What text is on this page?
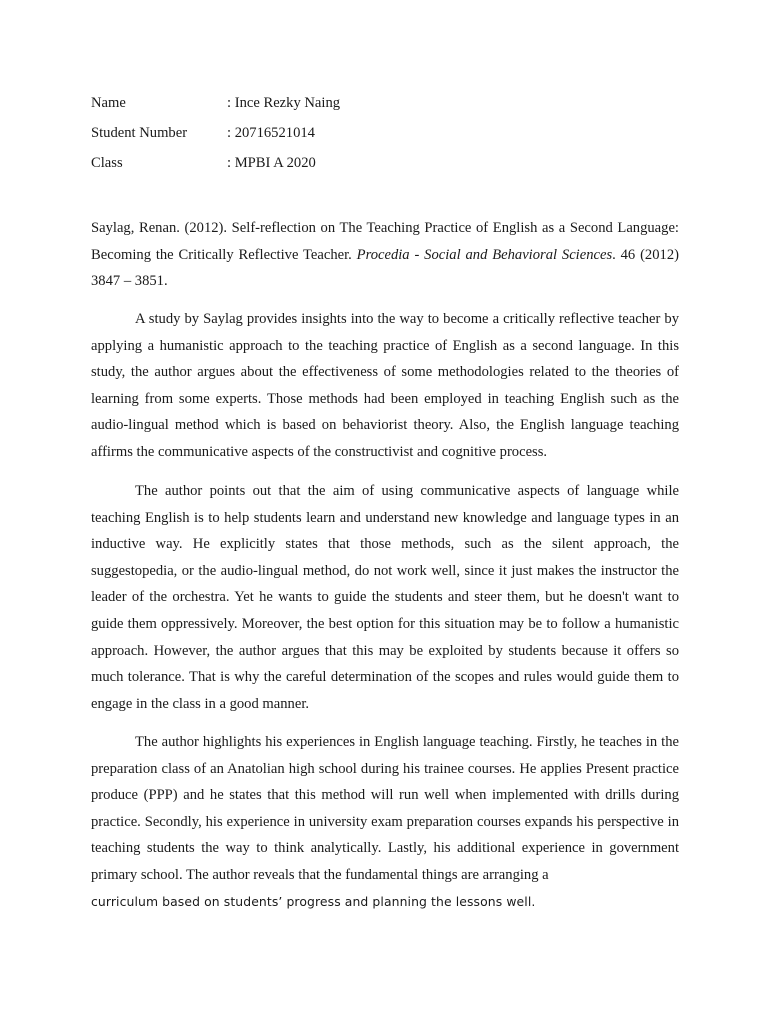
Name	: Ince Rezky Naing
Student Number	: 20716521014
Class	: MPBI A 2020
Saylag, Renan. (2012). Self-reflection on The Teaching Practice of English as a Second Language: Becoming the Critically Reflective Teacher. Procedia - Social and Behavioral Sciences. 46 (2012) 3847 – 3851.

A study by Saylag provides insights into the way to become a critically reflective teacher by applying a humanistic approach to the teaching practice of English as a second language. In this study, the author argues about the effectiveness of some methodologies related to the theories of learning from some experts. Those methods had been employed in teaching English such as the audio-lingual method which is based on behaviorist theory. Also, the English language teaching affirms the communicative aspects of the constructivist and cognitive process.

The author points out that the aim of using communicative aspects of language while teaching English is to help students learn and understand new knowledge and language types in an inductive way. He explicitly states that those methods, such as the silent approach, the suggestopedia, or the audio-lingual method, do not work well, since it just makes the instructor the leader of the orchestra. Yet he wants to guide the students and steer them, but he doesn't want to guide them oppressively. Moreover, the best option for this situation may be to follow a humanistic approach. However, the author argues that this may be exploited by students because it offers so much tolerance. That is why the careful determination of the scopes and rules would guide them to engage in the class in a good manner.

The author highlights his experiences in English language teaching. Firstly, he teaches in the preparation class of an Anatolian high school during his trainee courses. He applies Present practice produce (PPP) and he states that this method will run well when implemented with drills during practice. Secondly, his experience in university exam preparation courses expands his perspective in teaching students the way to think analytically. Lastly, his additional experience in government primary school. The author reveals that the fundamental things are arranging a
curriculum based on students’ progress and planning the lessons well.
